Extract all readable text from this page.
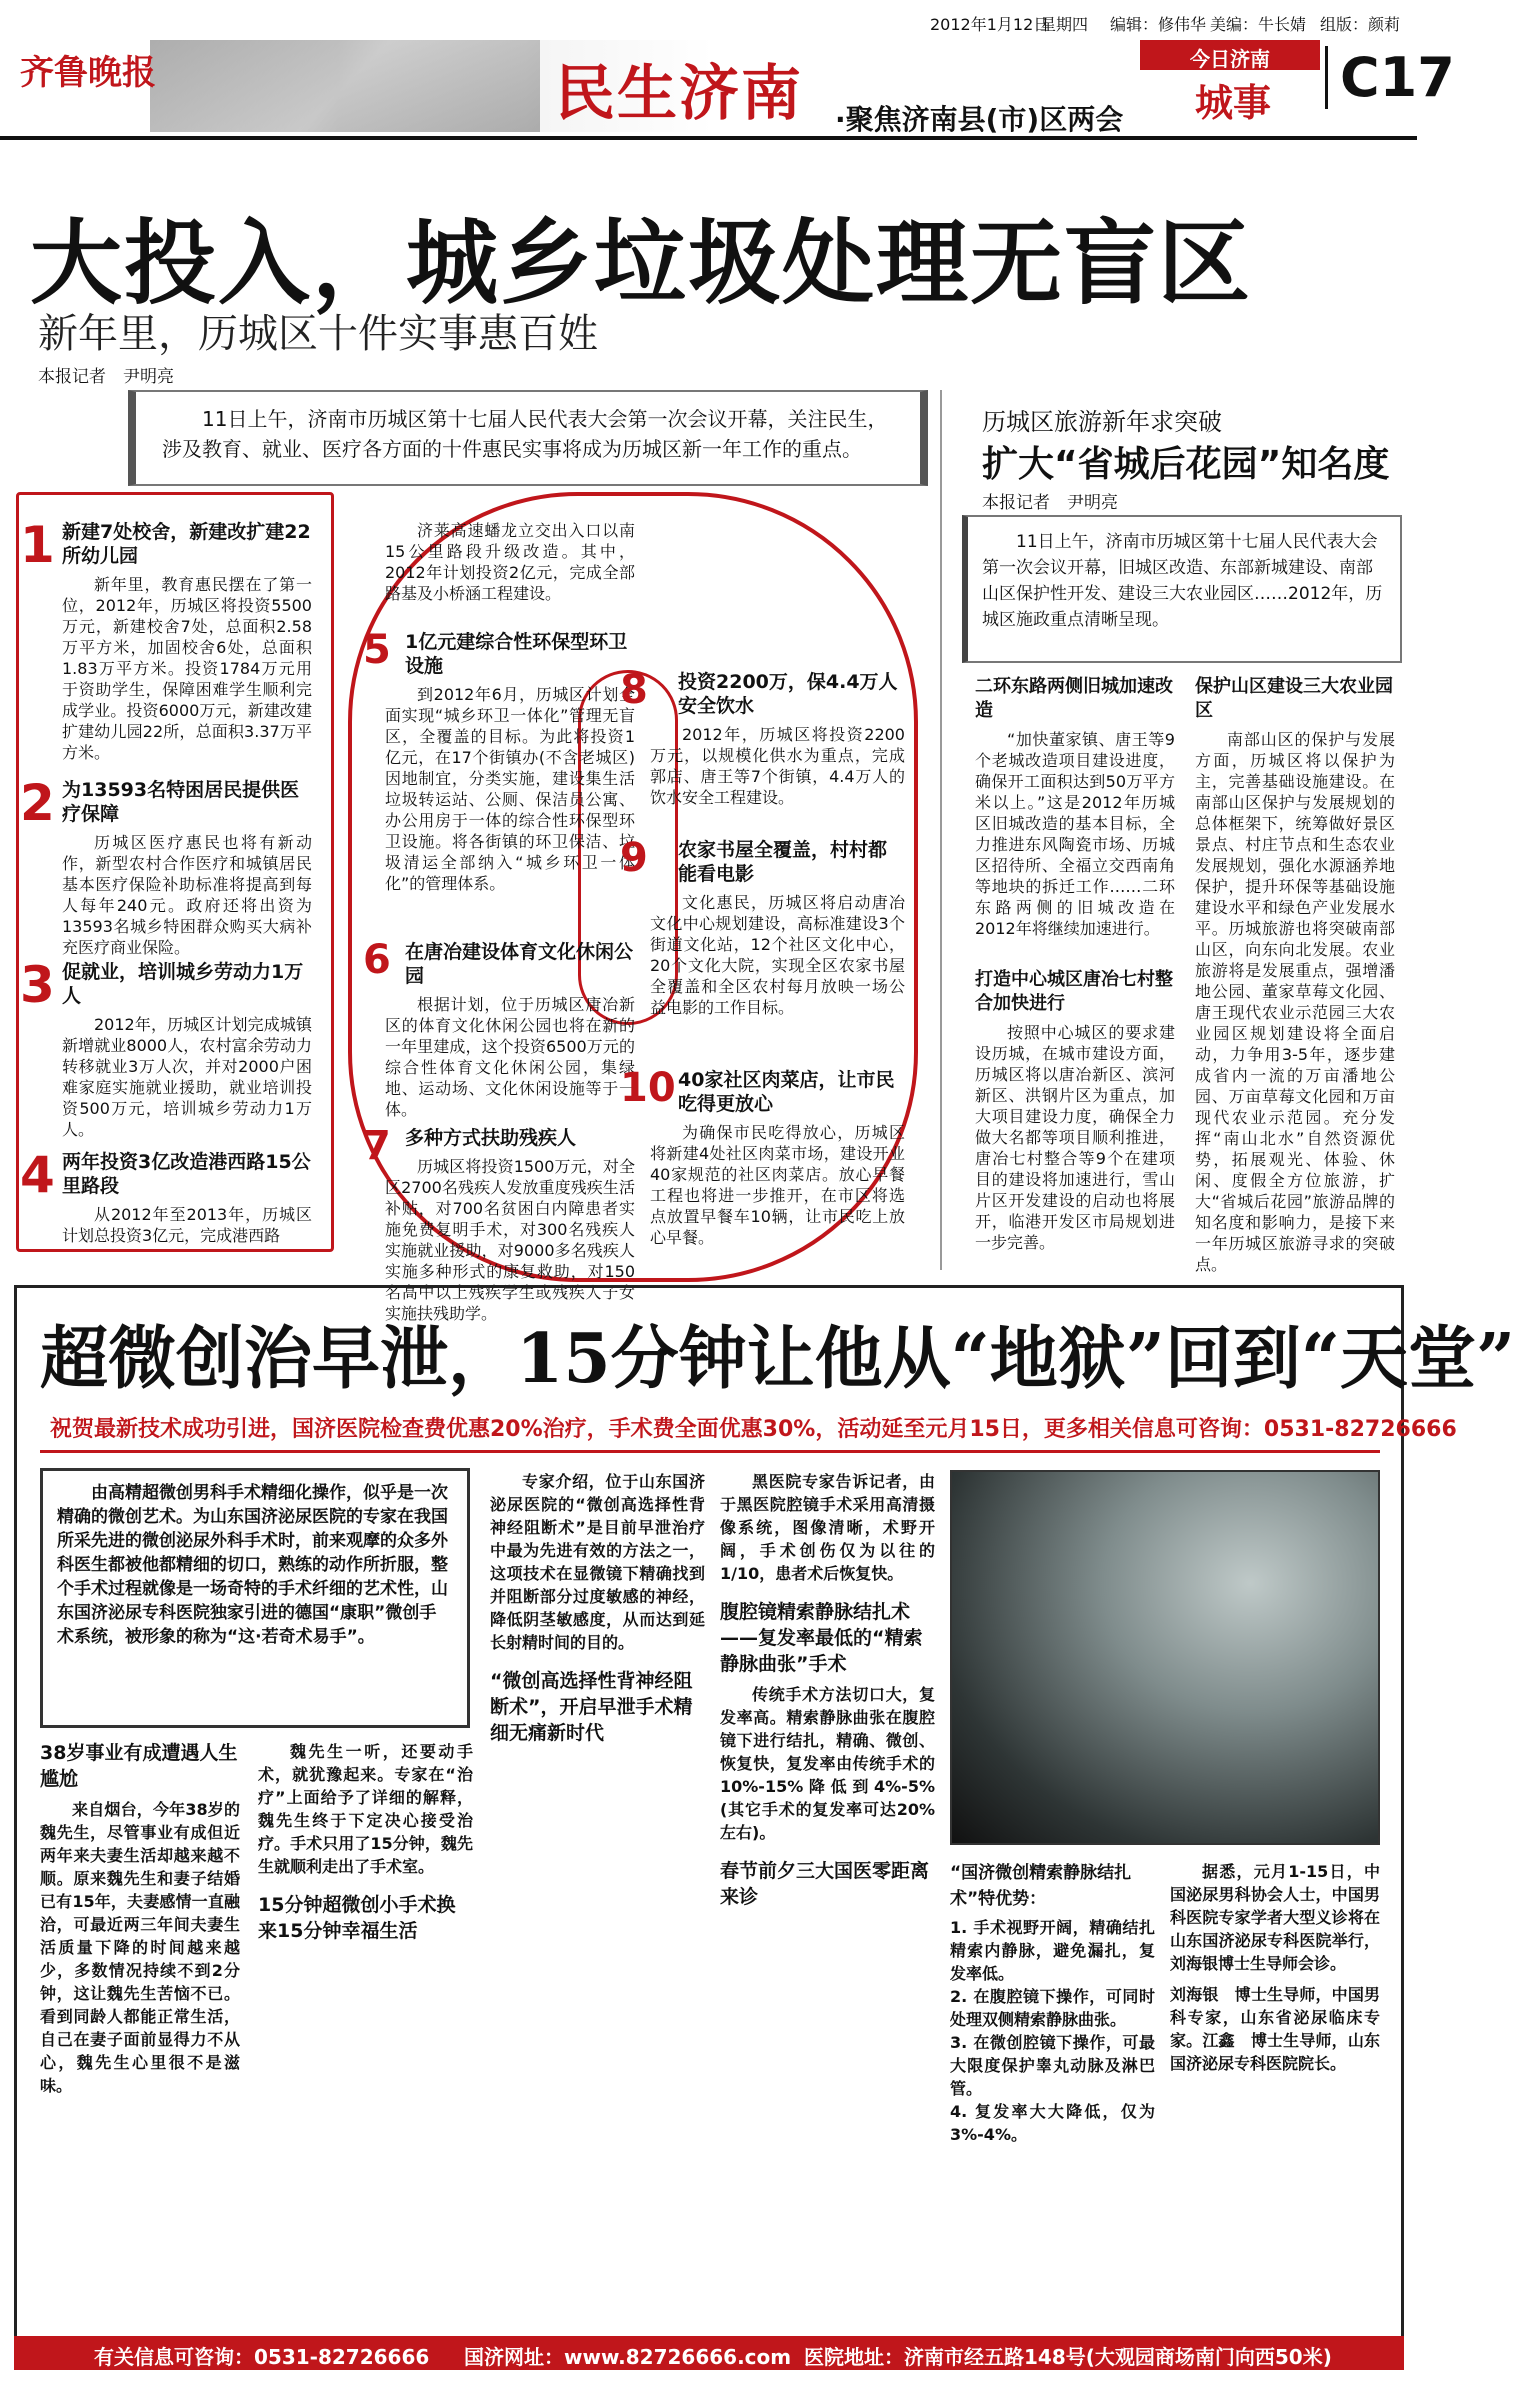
2012年1月12日
星期四 编辑：修伟华 美编：牛长婧 组版：颜莉
齐鲁晚报	民生济南 ·聚焦济南县(市)区两会
今日济南
城事 C17
大投入，城乡垃圾处理无盲区
新年里，历城区十件实事惠百姓
本报记者　尹明亮

11日上午，济南市历城区第十七届人民代表大会第一次会议开幕，关注民生，涉及教育、就业、医疗各方面的十件惠民实事将成为历城区新一年工作的重点。

1 新建7处校舍，新建改扩建22所幼儿园

新年里，教育惠民摆在了第一位，2012年，历城区将投资5500万元，新建校舍7处，总面积2.58万平方米，加固校舍6处，总面积1.83万平方米。投资1784万元用于资助学生，保障困难学生顺利完成学业。投资6000万元，新建改建扩建幼儿园22所，总面积3.37万平方米。

2 为13593名特困居民提供医疗保障

历城区医疗惠民也将有新动作，新型农村合作医疗和城镇居民基本医疗保险补助标准将提高到每人每年240元。政府还将出资为13593名城乡特困群众购买大病补充医疗商业保险。

3 促就业，培训城乡劳动力1万人

2012年，历城区计划完成城镇新增就业8000人，农村富余劳动力转移就业3万人次，并对2000户困难家庭实施就业援助，就业培训投资500万元，培训城乡劳动力1万人。

4 两年投资3亿改造港西路15公里路段

从2012年至2013年，历城区计划总投资3亿元，完成港西路

济莱高速蟠龙立交出入口以南15公里路段升级改造。其中，2012年计划投资2亿元，完成全部路基及小桥涵工程建设。

5 1亿元建综合性环保型环卫设施

到2012年6月，历城区计划全面实现“城乡环卫一体化”管理无盲区，全覆盖的目标。为此将投资1亿元，在17个街镇办(不含老城区)因地制宜，分类实施，建设集生活垃圾转运站、公厕、保洁员公寓、办公用房于一体的综合性环保型环卫设施。将各街镇的环卫保洁、垃圾清运全部纳入“城乡环卫一体化”的管理体系。

6 在唐冶建设体育文化休闲公园

根据计划，位于历城区唐冶新区的体育文化休闲公园也将在新的一年里建成，这个投资6500万元的综合性体育文化休闲公园，集绿地、运动场、文化休闲设施等于一体。

7 多种方式扶助残疾人

历城区将投资1500万元，对全区2700名残疾人发放重度残疾生活补贴，对700名贫困白内障患者实施免费复明手术，对300名残疾人实施就业援助，对9000多名残疾人实施多种形式的康复救助，对150名高中以上残疾学生或残疾人子女实施扶残助学。

8	投资2200万，保4.4万人安全饮水

2012年，历城区将投资2200万元，以规模化供水为重点，完成郭店、唐王等7个街镇，4.4万人的饮水安全工程建设。

9	农家书屋全覆盖，村村都能看电影

文化惠民，历城区将启动唐冶文化中心规划建设，高标准建设3个街道文化站，12个社区文化中心，20个文化大院，实现全区农家书屋全覆盖和全区农村每月放映一场公益电影的工作目标。

10 40家社区肉菜店，让市民吃得更放心

为确保市民吃得放心，历城区将新建4处社区肉菜市场，建设开业40家规范的社区肉菜店。放心早餐工程也将进一步推开，在市区将选点放置早餐车10辆，让市民吃上放心早餐。

历城区旅游新年求突破
扩大“省城后花园”知名度
本报记者　尹明亮

11日上午，济南市历城区第十七届人民代表大会第一次会议开幕，旧城区改造、东部新城建设、南部山区保护性开发、建设三大农业园区……2012年，历城区施政重点清晰呈现。

二环东路两侧旧城加速改造

“加快董家镇、唐王等9个老城改造项目建设进度，确保开工面积达到50万平方米以上。”这是2012年历城区旧城改造的基本目标，全力推进东风陶瓷市场、历城区招待所、全福立交西南角等地块的拆迁工作……二环东路两侧的旧城改造在2012年将继续加速进行。

打造中心城区唐冶七村整合加快进行

按照中心城区的要求建设历城，在城市建设方面，历城区将以唐冶新区、滨河新区、洪钢片区为重点，加大项目建设力度，确保全力做大名都等项目顺利推进，唐冶七村整合等9个在建项目的建设将加速进行，雪山片区开发建设的启动也将展开，临港开发区市局规划进一步完善。

保护山区建设三大农业园区

南部山区的保护与发展方面，历城区将以保护为主，完善基础设施建设。在南部山区保护与发展规划的总体框架下，统筹做好景区景点、村庄节点和生态农业发展规划，强化水源涵养地保护，提升环保等基础设施建设水平和绿色产业发展水平。历城旅游也将突破南部山区，向东向北发展。农业旅游将是发展重点，强增潘地公园、董家草莓文化园、唐王现代农业示范园三大农业园区规划建设将全面启动，力争用3-5年，逐步建成省内一流的万亩潘地公园、万亩草莓文化园和万亩现代农业示范园。充分发挥“南山北水”自然资源优势，拓展观光、体验、休闲、度假全方位旅游，扩大“省城后花园”旅游品牌的知名度和影响力，是接下来一年历城区旅游寻求的突破点。

超微创治早泄，15分钟让他从“地狱”回到“天堂”
祝贺最新技术成功引进，国济医院检查费优惠20%治疗，手术费全面优惠30%，活动延至元月15日，更多相关信息可咨询：0531-82726666

由高精超微创男科手术精细化操作，似乎是一次精确的微创艺术。为山东国济泌尿医院的专家在我国所采先进的微创泌尿外科手术时，前来观摩的众多外科医生都被他都精细的切口，熟练的动作所折服，整个手术过程就像是一场奇特的手术纤细的艺术性，山东国济泌尿专科医院独家引进的德国“康职”微创手术系统，被形象的称为“这·若奇术易手”。

38岁事业有成遭遇人生尴尬

来自烟台，今年38岁的魏先生，尽管事业有成但近两年来夫妻生活却越来越不顺。原来魏先生和妻子结婚已有15年，夫妻感情一直融洽，可最近两三年间夫妻生活质量下降的时间越来越少，多数情况持续不到2分钟，这让魏先生苦恼不已。看到同龄人都能正常生活，自己在妻子面前显得力不从心，魏先生心里很不是滋味。

魏先生一听，还要动手术，就犹豫起来。专家在“治疗”上面给予了详细的解释，魏先生终于下定决心接受治疗。手术只用了15分钟，魏先生就顺利走出了手术室。

15分钟超微创小手术换来15分钟幸福生活

专家介绍，位于山东国济泌尿医院的“微创高选择性背神经阻断术”是目前早泄治疗中最为先进有效的方法之一，这项技术在显微镜下精确找到并阻断部分过度敏感的神经，降低阴茎敏感度，从而达到延长射精时间的目的。

“微创高选择性背神经阻断术”，开启早泄手术精细无痛新时代

黑医院专家告诉记者，由于黑医院腔镜手术采用高清摄像系统，图像清晰，术野开阔，手术创伤仅为以往的1/10，患者术后恢复快。

腹腔镜精索静脉结扎术——复发率最低的“精索静脉曲张”手术

传统手术方法切口大，复发率高。精索静脉曲张在腹腔镜下进行结扎，精确、微创、恢复快，复发率由传统手术的10%-15%降低到4%-5%(其它手术的复发率可达20%左右)。

春节前夕三大国医零距离来诊
“国济微创精索静脉结扎术”特优势：

1. 手术视野开阔，精确结扎精索内静脉，避免漏扎，复发率低。

2. 在腹腔镜下操作，可同时处理双侧精索静脉曲张。

3. 在微创腔镜下操作，可最大限度保护睾丸动脉及淋巴管。

4. 复发率大大降低，仅为3%-4%。

据悉，元月1-15日，中国泌尿男科协会人士，中国男科医院专家学者大型义诊将在山东国济泌尿专科医院举行，刘海银博士生导师会诊。

刘海银　博士生导师，中国男科专家，山东省泌尿临床专家。江鑫　博士生导师，山东国济泌尿专科医院院长。

有关信息可咨询：0531-82726666 国济网址：www.82726666.com 医院地址：济南市经五路148号(大观园商场南门向西50米)
